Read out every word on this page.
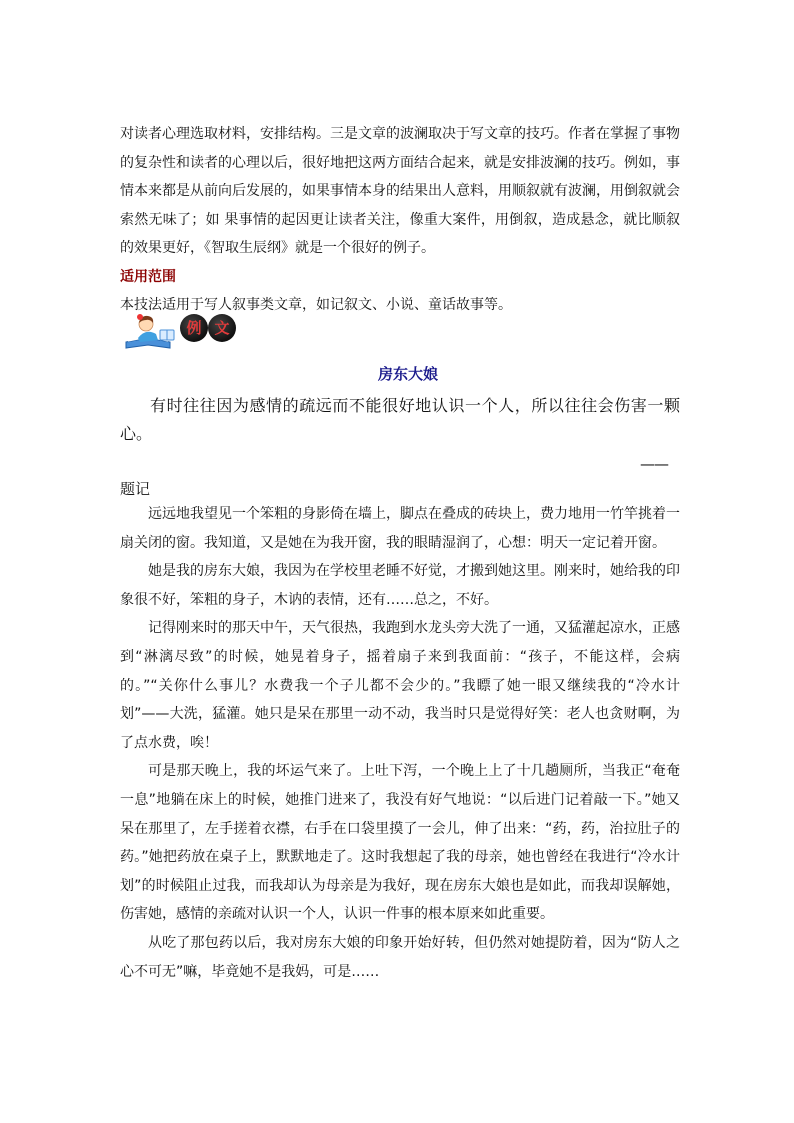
对读者心理选取材料，安排结构。三是文章的波澜取决于写文章的技巧。作者在掌握了事物的复杂性和读者的心理以后，很好地把这两方面结合起来，就是安排波澜的技巧。例如，事情本来都是从前向后发展的，如果事情本身的结果出人意料，用顺叙就有波澜，用倒叙就会索然无味了；如 果事情的起因更让读者关注，像重大案件，用倒叙，造成悬念，就比顺叙的效果更好，《智取生辰纲》就是一个很好的例子。

适用范围

本技法适用于写人叙事类文章，如记叙文、小说、童话故事等。

例 文
房东大娘

有时往往因为感情的疏远而不能很好地认识一个人，所以往往会伤害一颗心。

——
题记

远远地我望见一个笨粗的身影倚在墙上，脚点在叠成的砖块上，费力地用一竹竿挑着一扇关闭的窗。我知道，又是她在为我开窗，我的眼睛湿润了，心想：明天一定记着开窗。

她是我的房东大娘，我因为在学校里老睡不好觉，才搬到她这里。刚来时，她给我的印象很不好，笨粗的身子，木讷的表情，还有……总之，不好。

记得刚来时的那天中午，天气很热，我跑到水龙头旁大洗了一通，又猛灌起凉水，正感到“淋漓尽致”的时候，她晃着身子，摇着扇子来到我面前：“孩子，不能这样，会病的。”“关你什么事儿？水费我一个子儿都不会少的。”我瞟了她一眼又继续我的“冷水计划”——大洗，猛灌。她只是呆在那里一动不动，我当时只是觉得好笑：老人也贪财啊，为了点水费，唉！

可是那天晚上，我的坏运气来了。上吐下泻，一个晚上上了十几趟厕所，当我正“奄奄一息”地躺在床上的时候，她推门进来了，我没有好气地说：“以后进门记着敲一下。”她又呆在那里了，左手搓着衣襟，右手在口袋里摸了一会儿，伸了出来：“药，药，治拉肚子的药。”她把药放在桌子上，默默地走了。这时我想起了我的母亲，她也曾经在我进行“冷水计划”的时候阻止过我，而我却认为母亲是为我好，现在房东大娘也是如此，而我却误解她，伤害她，感情的亲疏对认识一个人，认识一件事的根本原来如此重要。

从吃了那包药以后，我对房东大娘的印象开始好转，但仍然对她提防着，因为“防人之心不可无”嘛，毕竟她不是我妈，可是……
